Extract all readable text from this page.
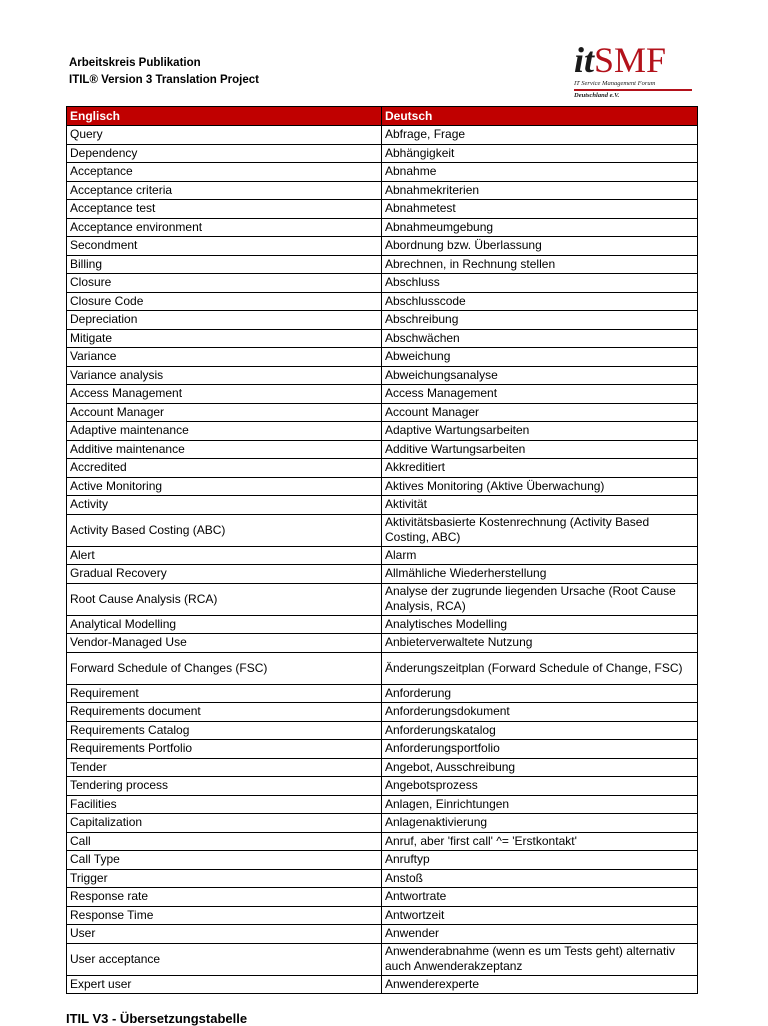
Arbeitskreis Publikation
ITIL® Version 3 Translation Project	itSMF
IT Service Management Forum
Deutschland e.V.
Englisch	Deutsch
Query	Abfrage, Frage
Dependency	Abhängigkeit
Acceptance	Abnahme
Acceptance criteria	Abnahmekriterien
Acceptance test	Abnahmetest
Acceptance environment	Abnahmeumgebung
Secondment	Abordnung bzw. Überlassung
Billing	Abrechnen, in Rechnung stellen
Closure	Abschluss
Closure Code	Abschlusscode
Depreciation	Abschreibung
Mitigate	Abschwächen
Variance	Abweichung
Variance analysis	Abweichungsanalyse
Access Management	Access Management
Account Manager	Account Manager
Adaptive maintenance	Adaptive Wartungsarbeiten
Additive maintenance	Additive Wartungsarbeiten
Accredited	Akkreditiert
Active Monitoring	Aktives Monitoring (Aktive Überwachung)
Activity	Aktivität
Activity Based Costing (ABC)	Aktivitätsbasierte Kostenrechnung (Activity Based Costing, ABC)
Alert	Alarm
Gradual Recovery	Allmähliche Wiederherstellung
Root Cause Analysis (RCA)	Analyse der zugrunde liegenden Ursache (Root Cause Analysis, RCA)
Analytical Modelling	Analytisches Modelling
Vendor-Managed Use	Anbieterverwaltete Nutzung
Forward Schedule of Changes (FSC)	Änderungszeitplan (Forward Schedule of Change, FSC)
Requirement	Anforderung
Requirements document	Anforderungsdokument
Requirements Catalog	Anforderungskatalog
Requirements Portfolio	Anforderungsportfolio
Tender	Angebot, Ausschreibung
Tendering process	Angebotsprozess
Facilities	Anlagen, Einrichtungen
Capitalization	Anlagenaktivierung
Call	Anruf, aber 'first call' ^= 'Erstkontakt'
Call Type	Anruftyp
Trigger	Anstoß
Response rate	Antwortrate
Response Time	Antwortzeit
User	Anwender
User acceptance	Anwenderabnahme (wenn es um Tests geht) alternativ auch Anwenderakzeptanz
Expert user	Anwenderexperte
ITIL V3 - Übersetzungstabelle
